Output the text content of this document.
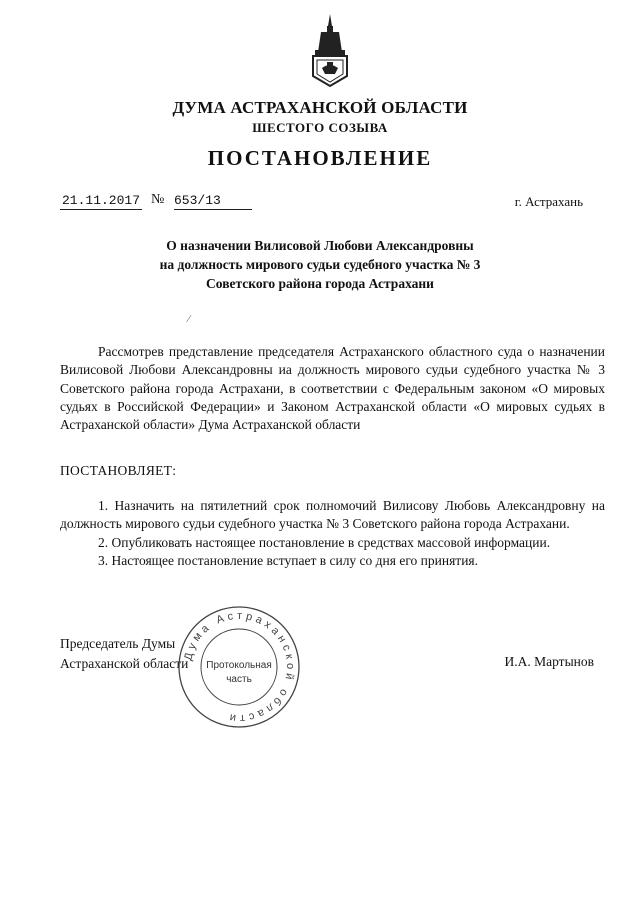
ДУМА АСТРАХАНСКОЙ ОБЛАСТИ
ШЕСТОГО СОЗЫВА
ПОСТАНОВЛЕНИЕ
21.11.2017 № 653/13	г. Астрахань
О назначении Вилисовой Любови Александровны
на должность мирового судьи судебного участка № 3
Советского района города Астрахани
⁄
Рассмотрев представление председателя Астраханского областного суда о назначении Вилисовой Любови Александровны иа должность мирового судьи судебного участка № 3 Советского района города Астрахани, в соответствии с Федеральным законом «О мировых судьях в Российской Федерации» и Законом Астраханской области «О мировых судьях в Астраханской области» Дума Астраханской области
ПОСТАНОВЛЯЕТ:

1. Назначить на пятилетний срок полномочий Вилисову Любовь Александровну на должность мирового судьи судебного участка № 3 Советского района города Астрахани.

2. Опубликовать настоящее постановление в средствах массовой информации.

3. Настоящее постановление вступает в силу со дня его принятия.

Председатель Думы
Астраханской области	И.А. Мартынов
Дума Астраханской области
Протокольная
часть
